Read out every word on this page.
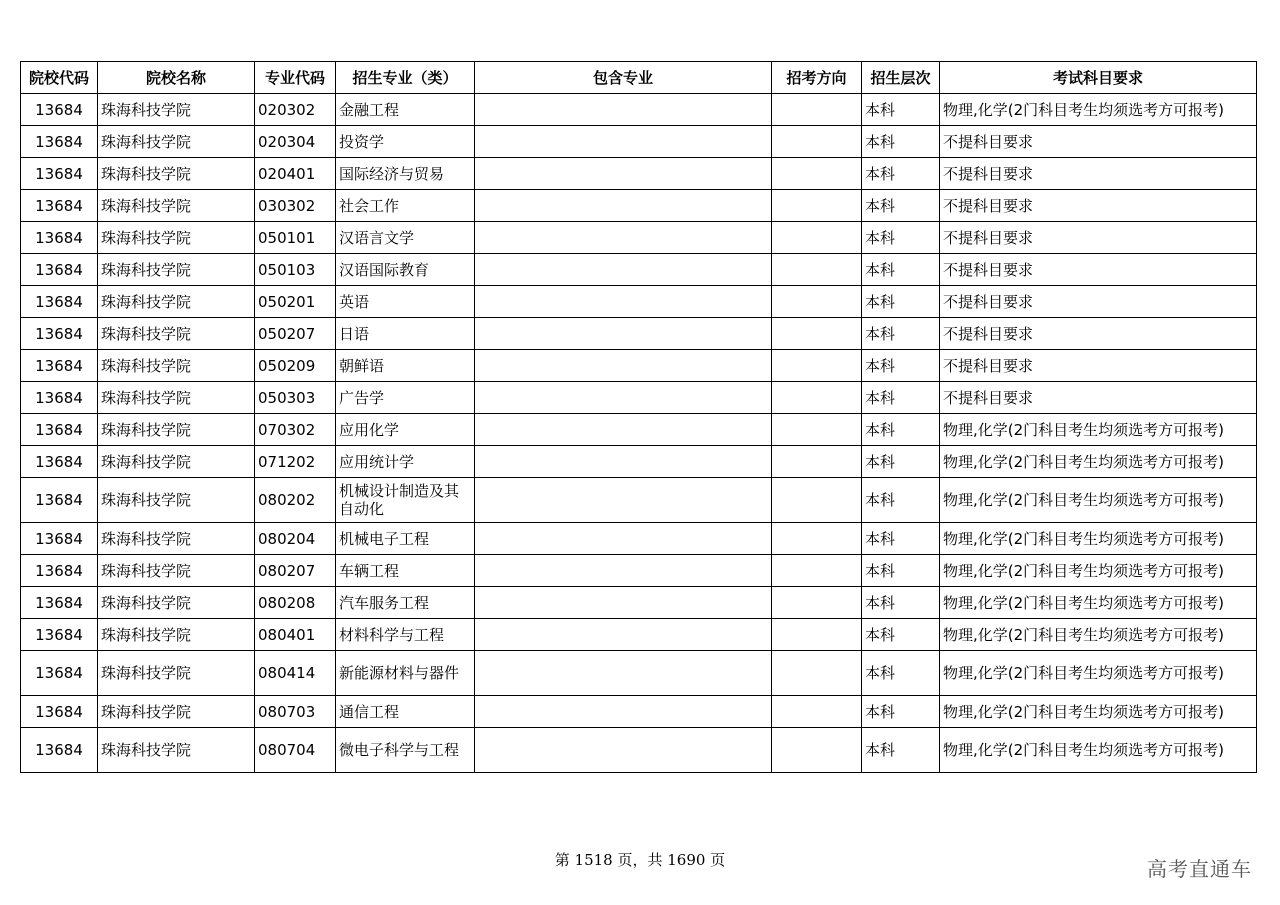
院校代码	院校名称	专业代码	招生专业（类）	包含专业	招考方向	招生层次	考试科目要求
13684	珠海科技学院	020302	金融工程			本科	物理,化学(2门科目考生均须选考方可报考)
13684	珠海科技学院	020304	投资学			本科	不提科目要求
13684	珠海科技学院	020401	国际经济与贸易			本科	不提科目要求
13684	珠海科技学院	030302	社会工作			本科	不提科目要求
13684	珠海科技学院	050101	汉语言文学			本科	不提科目要求
13684	珠海科技学院	050103	汉语国际教育			本科	不提科目要求
13684	珠海科技学院	050201	英语			本科	不提科目要求
13684	珠海科技学院	050207	日语			本科	不提科目要求
13684	珠海科技学院	050209	朝鲜语			本科	不提科目要求
13684	珠海科技学院	050303	广告学			本科	不提科目要求
13684	珠海科技学院	070302	应用化学			本科	物理,化学(2门科目考生均须选考方可报考)
13684	珠海科技学院	071202	应用统计学			本科	物理,化学(2门科目考生均须选考方可报考)
13684	珠海科技学院	080202	机械设计制造及其自动化			本科	物理,化学(2门科目考生均须选考方可报考)
13684	珠海科技学院	080204	机械电子工程			本科	物理,化学(2门科目考生均须选考方可报考)
13684	珠海科技学院	080207	车辆工程			本科	物理,化学(2门科目考生均须选考方可报考)
13684	珠海科技学院	080208	汽车服务工程			本科	物理,化学(2门科目考生均须选考方可报考)
13684	珠海科技学院	080401	材料科学与工程			本科	物理,化学(2门科目考生均须选考方可报考)
13684	珠海科技学院	080414	新能源材料与器件			本科	物理,化学(2门科目考生均须选考方可报考)
13684	珠海科技学院	080703	通信工程			本科	物理,化学(2门科目考生均须选考方可报考)
13684	珠海科技学院	080704	微电子科学与工程			本科	物理,化学(2门科目考生均须选考方可报考)
第 1518 页，共 1690 页	高考直通车
